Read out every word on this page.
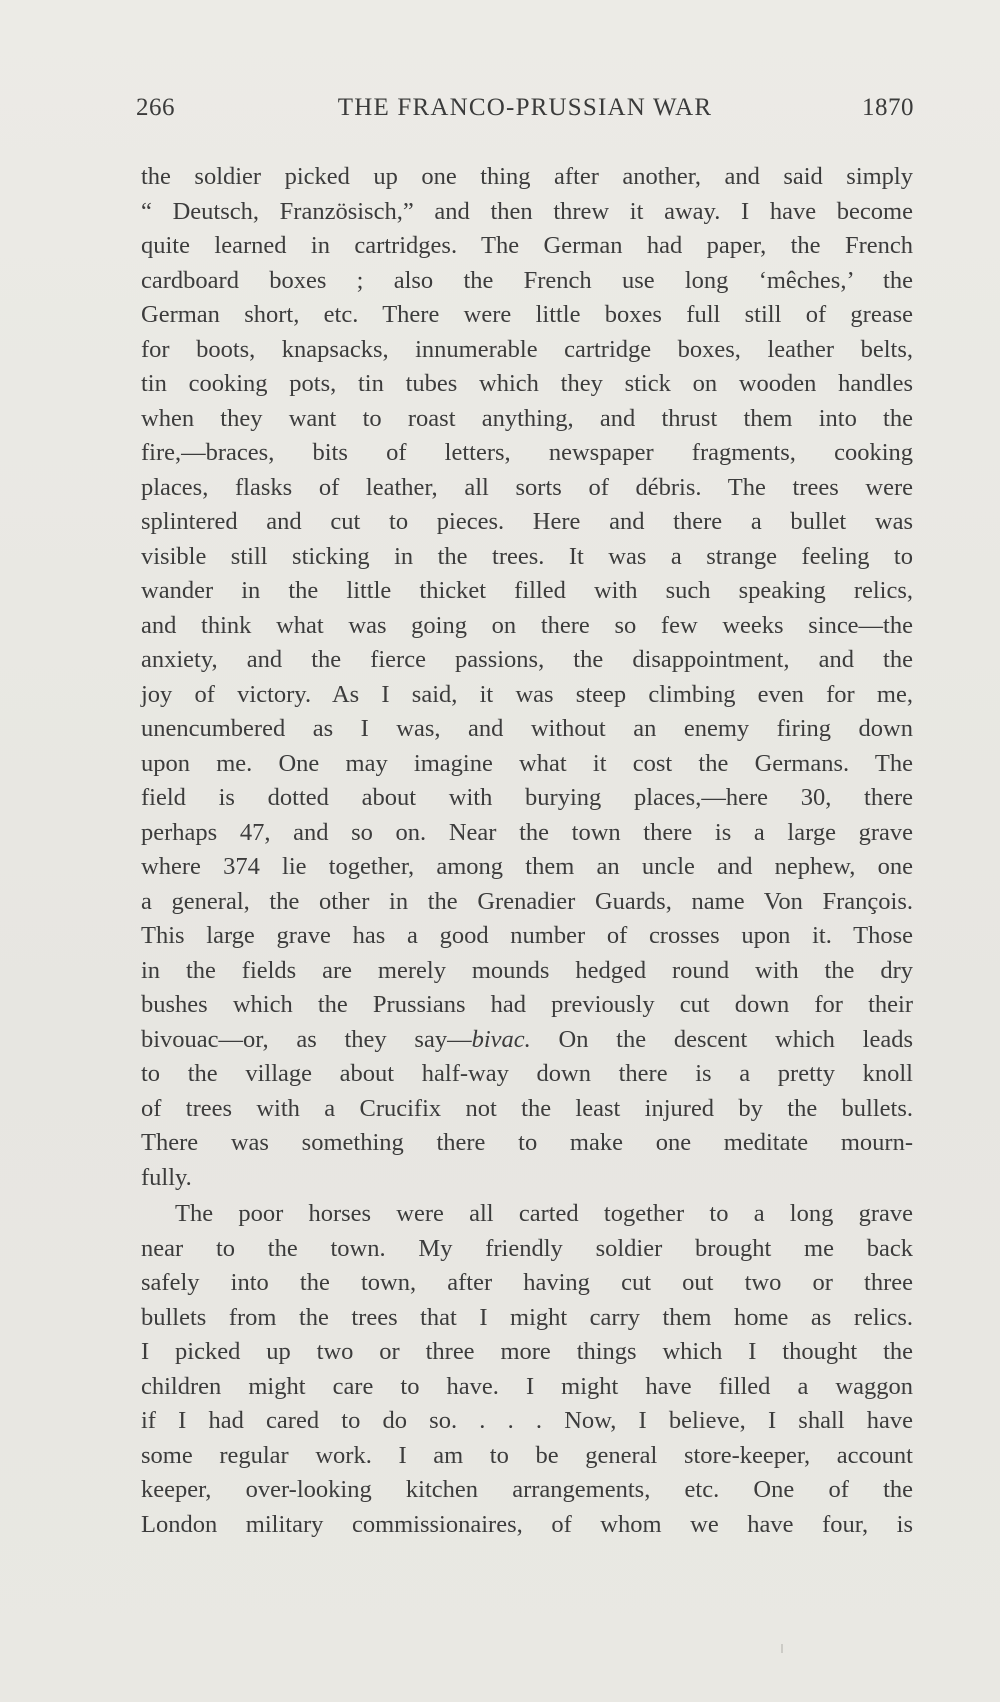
266	THE FRANCO-PRUSSIAN WAR	1870
the soldier picked up one thing after another, and said simply
“ Deutsch, Französisch,” and then threw it away. I have become
quite learned in cartridges. The German had paper, the French
cardboard boxes ; also the French use long ‘mêches,’ the
German short, etc. There were little boxes full still of grease
for boots, knapsacks, innumerable cartridge boxes, leather belts,
tin cooking pots, tin tubes which they stick on wooden handles
when they want to roast anything, and thrust them into the
fire,—braces, bits of letters, newspaper fragments, cooking
places, flasks of leather, all sorts of débris. The trees were
splintered and cut to pieces. Here and there a bullet was
visible still sticking in the trees. It was a strange feeling to
wander in the little thicket filled with such speaking relics,
and think what was going on there so few weeks since—the
anxiety, and the fierce passions, the disappointment, and the
joy of victory. As I said, it was steep climbing even for me,
unencumbered as I was, and without an enemy firing down
upon me. One may imagine what it cost the Germans. The
field is dotted about with burying places,—here 30, there
perhaps 47, and so on. Near the town there is a large grave
where 374 lie together, among them an uncle and nephew, one
a general, the other in the Grenadier Guards, name Von François.
This large grave has a good number of crosses upon it. Those
in the fields are merely mounds hedged round with the dry
bushes which the Prussians had previously cut down for their
bivouac—or, as they say—bivac. On the descent which leads
to the village about half-way down there is a pretty knoll
of trees with a Crucifix not the least injured by the bullets.
There was something there to make one meditate mourn-
fully.
The poor horses were all carted together to a long grave
near to the town. My friendly soldier brought me back
safely into the town, after having cut out two or three
bullets from the trees that I might carry them home as relics.
I picked up two or three more things which I thought the
children might care to have. I might have filled a waggon
if I had cared to do so. . . . Now, I believe, I shall have
some regular work. I am to be general store-keeper, account
keeper, over-looking kitchen arrangements, etc. One of the
London military commissionaires, of whom we have four, is
